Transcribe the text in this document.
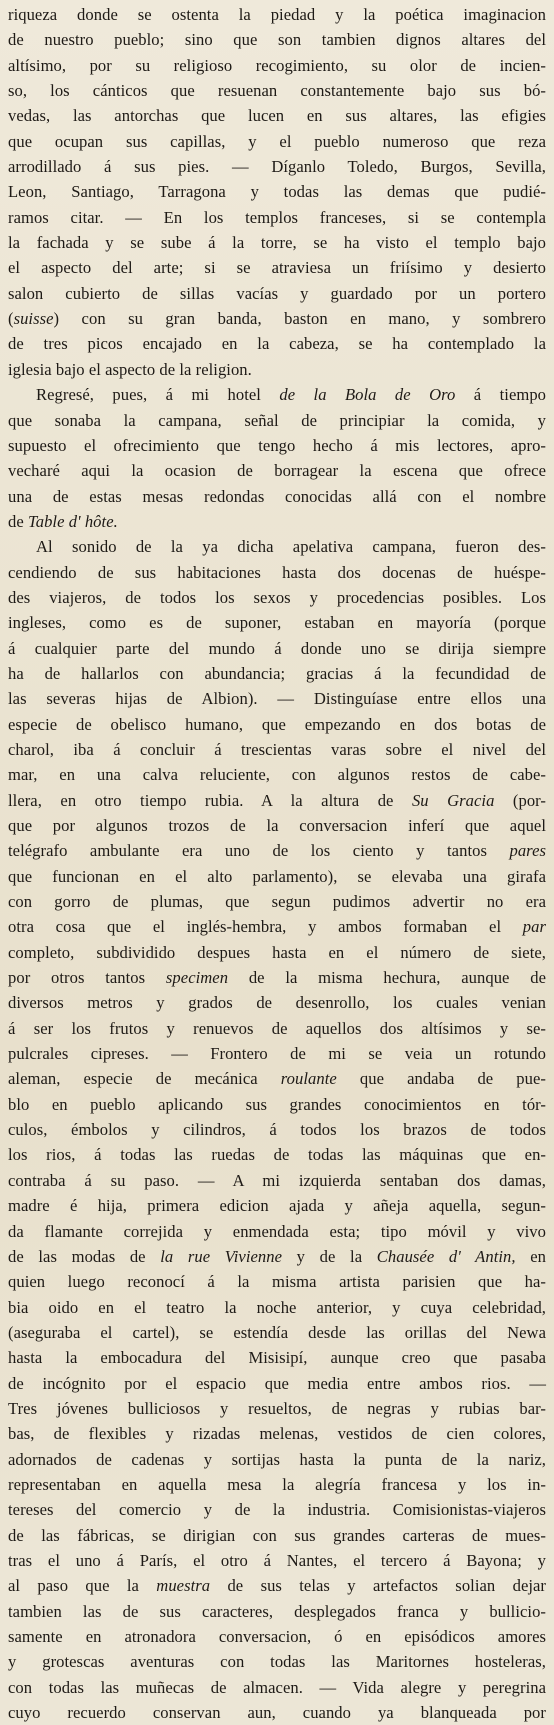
riqueza donde se ostenta la piedad y la poética imaginacion
de nuestro pueblo; sino que son tambien dignos altares del
altísimo, por su religioso recogimiento, su olor de incien-
so, los cánticos que resuenan constantemente bajo sus bó-
vedas, las antorchas que lucen en sus altares, las efigies
que ocupan sus capillas, y el pueblo numeroso que reza
arrodillado á sus pies. — Díganlo Toledo, Burgos, Sevilla,
Leon, Santiago, Tarragona y todas las demas que pudié-
ramos citar. — En los templos franceses, si se contempla
la fachada y se sube á la torre, se ha visto el templo bajo
el aspecto del arte; si se atraviesa un friísimo y desierto
salon cubierto de sillas vacías y guardado por un portero
(suisse) con su gran banda, baston en mano, y sombrero
de tres picos encajado en la cabeza, se ha contemplado la
iglesia bajo el aspecto de la religion.
Regresé, pues, á mi hotel de la Bola de Oro á tiempo
que sonaba la campana, señal de principiar la comida, y
supuesto el ofrecimiento que tengo hecho á mis lectores, apro-
vecharé aqui la ocasion de borragear la escena que ofrece
una de estas mesas redondas conocidas allá con el nombre
de Table d' hôte.
Al sonido de la ya dicha apelativa campana, fueron des-
cendiendo de sus habitaciones hasta dos docenas de huéspe-
des viajeros, de todos los sexos y procedencias posibles. Los
ingleses, como es de suponer, estaban en mayoría (porque
á cualquier parte del mundo á donde uno se dirija siempre
ha de hallarlos con abundancia; gracias á la fecundidad de
las severas hijas de Albion). — Distinguíase entre ellos una
especie de obelisco humano, que empezando en dos botas de
charol, iba á concluir á trescientas varas sobre el nivel del
mar, en una calva reluciente, con algunos restos de cabe-
llera, en otro tiempo rubia. A la altura de Su Gracia (por-
que por algunos trozos de la conversacion inferí que aquel
telégrafo ambulante era uno de los ciento y tantos pares
que funcionan en el alto parlamento), se elevaba una girafa
con gorro de plumas, que segun pudimos advertir no era
otra cosa que el inglés-hembra, y ambos formaban el par
completo, subdividido despues hasta en el número de siete,
por otros tantos specimen de la misma hechura, aunque de
diversos metros y grados de desenrollo, los cuales venian
á ser los frutos y renuevos de aquellos dos altísimos y se-
pulcrales cipreses. — Frontero de mi se veia un rotundo
aleman, especie de mecánica roulante que andaba de pue-
blo en pueblo aplicando sus grandes conocimientos en tór-
culos, émbolos y cilindros, á todos los brazos de todos
los rios, á todas las ruedas de todas las máquinas que en-
contraba á su paso. — A mi izquierda sentaban dos damas,
madre é hija, primera edicion ajada y añeja aquella, segun-
da flamante correjida y enmendada esta; tipo móvil y vivo
de las modas de la rue Vivienne y de la Chausée d' Antin, en
quien luego reconocí á la misma artista parisien que ha-
bia oido en el teatro la noche anterior, y cuya celebridad,
(aseguraba el cartel), se estendía desde las orillas del Newa
hasta la embocadura del Misisipí, aunque creo que pasaba
de incógnito por el espacio que media entre ambos rios. —
Tres jóvenes bulliciosos y resueltos, de negras y rubias bar-
bas, de flexibles y rizadas melenas, vestidos de cien colores,
adornados de cadenas y sortijas hasta la punta de la nariz,
representaban en aquella mesa la alegría francesa y los in-
tereses del comercio y de la industria. Comisionistas-viajeros
de las fábricas, se dirigian con sus grandes carteras de mues-
tras el uno á París, el otro á Nantes, el tercero á Bayona; y
al paso que la muestra de sus telas y artefactos solian dejar
tambien las de sus caracteres, desplegados franca y bullicio-
samente en atronadora conversacion, ó en episódicos amores
y grotescas aventuras con todas las Maritornes hosteleras,
con todas las muñecas de almacen. — Vida alegre y peregrina
cuyo recuerdo conservan aun, cuando ya blanqueada por
